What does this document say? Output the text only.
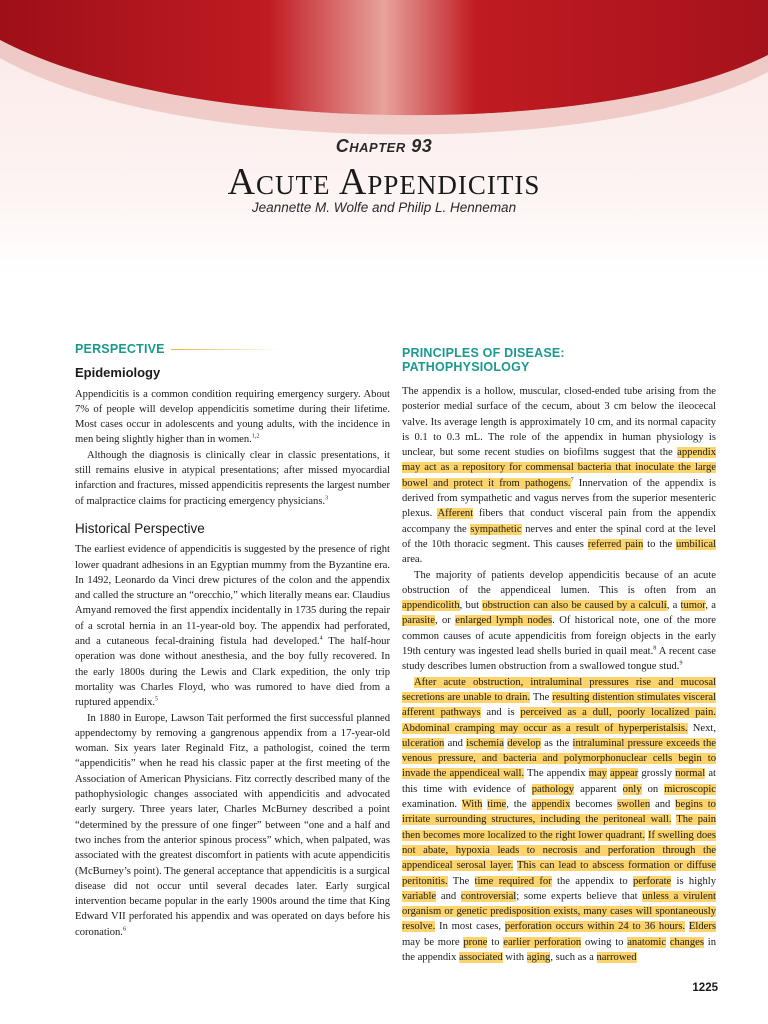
Chapter 93
Acute Appendicitis
Jeannette M. Wolfe and Philip L. Henneman
PERSPECTIVE
Epidemiology

Appendicitis is a common condition requiring emergency surgery. About 7% of people will develop appendicitis sometime during their lifetime. Most cases occur in adolescents and young adults, with the incidence in men being slightly higher than in women.$^{1,2}$

Although the diagnosis is clinically clear in classic presentations, it still remains elusive in atypical presentations; after missed myocardial infarction and fractures, missed appendicitis represents the largest number of malpractice claims for practicing emergency physicians.$^3$

Historical Perspective

The earliest evidence of appendicitis is suggested by the presence of right lower quadrant adhesions in an Egyptian mummy from the Byzantine era. In 1492, Leonardo da Vinci drew pictures of the colon and the appendix and called the structure an “orecchio,” which literally means ear. Claudius Amyand removed the first appendix incidentally in 1735 during the repair of a scrotal hernia in an 11-year-old boy. The appendix had perforated, and a cutaneous fecal-draining fistula had developed.$^4$ The half-hour operation was done without anesthesia, and the boy fully recovered. In the early 1800s during the Lewis and Clark expedition, the only trip mortality was Charles Floyd, who was rumored to have died from a ruptured appendix.$^5$

In 1880 in Europe, Lawson Tait performed the first successful planned appendectomy by removing a gangrenous appendix from a 17-year-old woman. Six years later Reginald Fitz, a pathologist, coined the term “appendicitis” when he read his classic paper at the first meeting of the Association of American Physicians. Fitz correctly described many of the pathophysiologic changes associated with appendicitis and advocated early surgery. Three years later, Charles McBurney described a point “determined by the pressure of one finger” between “one and a half and two inches from the anterior spinous process” which, when palpated, was associated with the greatest discomfort in patients with acute appendicitis (McBurney’s point). The general acceptance that appendicitis is a surgical disease did not occur until several decades later. Early surgical intervention became popular in the early 1900s around the time that King Edward VII perforated his appendix and was operated on days before his coronation.$^6$

PRINCIPLES OF DISEASE:
PATHOPHYSIOLOGY

The appendix is a hollow, muscular, closed-ended tube arising from the posterior medial surface of the cecum, about 3 cm below the ileocecal valve. Its average length is approximately 10 cm, and its normal capacity is 0.1 to 0.3 mL. The role of the appendix in human physiology is unclear, but some recent studies on biofilms suggest that the appendix may act as a repository for commensal bacteria that inoculate the large bowel and protect it from pathogens.$^7$ Innervation of the appendix is derived from sympathetic and vagus nerves from the superior mesenteric plexus. Afferent fibers that conduct visceral pain from the appendix accompany the sympathetic nerves and enter the spinal cord at the level of the 10th thoracic segment. This causes referred pain to the umbilical area.

The majority of patients develop appendicitis because of an acute obstruction of the appendiceal lumen. This is often from an appendicolith, but obstruction can also be caused by a calculi, a tumor, a parasite, or enlarged lymph nodes. Of historical note, one of the more common causes of acute appendicitis from foreign objects in the early 19th century was ingested lead shells buried in quail meat.$^8$ A recent case study describes lumen obstruction from a swallowed tongue stud.$^9$

After acute obstruction, intraluminal pressures rise and mucosal secretions are unable to drain. The resulting distention stimulates visceral afferent pathways and is perceived as a dull, poorly localized pain. Abdominal cramping may occur as a result of hyperperistalsis. Next, ulceration and ischemia develop as the intraluminal pressure exceeds the venous pressure, and bacteria and polymorphonuclear cells begin to invade the appendiceal wall. The appendix may appear grossly normal at this time with evidence of pathology apparent only on microscopic examination. With time, the appendix becomes swollen and begins to irritate surrounding structures, including the peritoneal wall. The pain then becomes more localized to the right lower quadrant. If swelling does not abate, hypoxia leads to necrosis and perforation through the appendiceal serosal layer. This can lead to abscess formation or diffuse peritonitis. The time required for the appendix to perforate is highly variable and controversial; some experts believe that unless a virulent organism or genetic predisposition exists, many cases will spontaneously resolve. In most cases, perforation occurs within 24 to 36 hours. Elders may be more prone to earlier perforation owing to anatomic changes in the appendix associated with aging, such as a narrowed

1225
